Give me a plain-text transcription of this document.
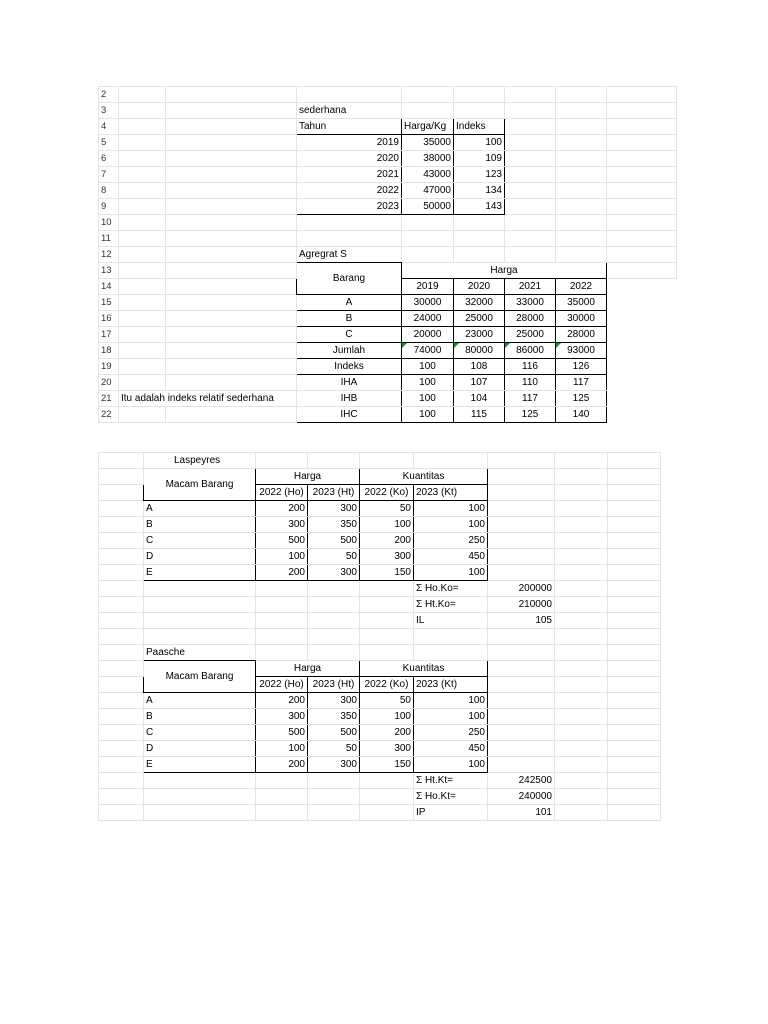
2								
3			sederhana					
4			Tahun	Harga/Kg	Indeks			
5			2019	35000	100			
6			2020	38000	109			
7			2021	43000	123			
8			2022	47000	134			
9			2023	50000	143			
10								
11								
12			Agregrat S					
13			Barang	Harga				
14				2019	2020	2021	2022	
15			A	30000	32000	33000	35000	
16			B	24000	25000	28000	30000	
17			C	20000	23000	25000	28000	
18			Jumlah	74000	80000	86000	93000	
19			Indeks	100	108	116	126	
20			IHA	100	107	110	117	
21	Itu adalah indeks relatif sederhana		IHB	100	104	117	125	
22			IHC	100	115	125	140	
	Laspeyres							
	Macam Barang	Harga		Kuantitas				
		2022 (Ho)	2023 (Ht)	2022 (Ko)	2023 (Kt)			
	A	200	300	50	100			
	B	300	350	100	100			
	C	500	500	200	250			
	D	100	50	300	450			
	E	200	300	150	100			
					Σ Ho.Ko=	200000		
					Σ Ht.Ko=	210000		
					IL	105		

	Paasche							
	Macam Barang	Harga		Kuantitas				
		2022 (Ho)	2023 (Ht)	2022 (Ko)	2023 (Kt)			
	A	200	300	50	100			
	B	300	350	100	100			
	C	500	500	200	250			
	D	100	50	300	450			
	E	200	300	150	100			
					Σ Ht.Kt=	242500		
					Σ Ho.Kt=	240000		
					IP	101		
